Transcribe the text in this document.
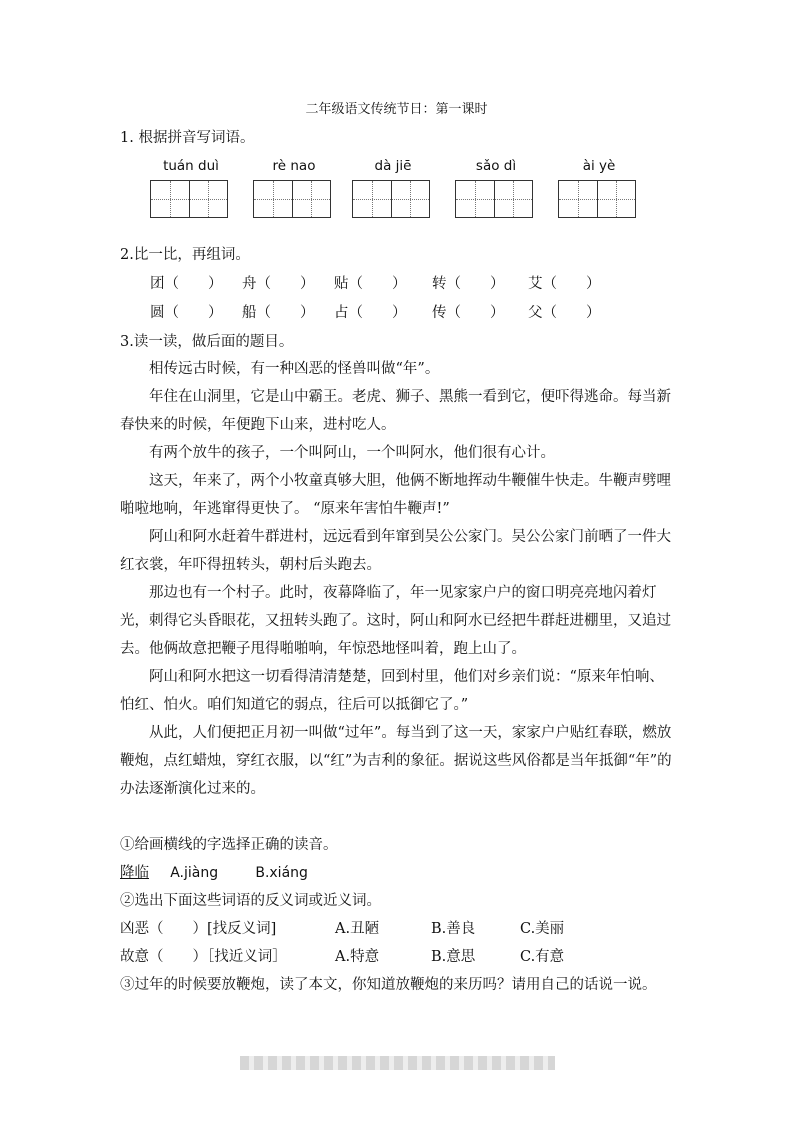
二年级语文传统节日：第一课时
1. 根据拼音写词语。
tuán duì	rè nao	dà jiē	sǎo dì	ài yè
2.比一比，再组词。
团（　　） 舟（　　） 贴（　　） 转（　　） 艾（　　）
圆（　　） 船（　　） 占（　　） 传（　　） 父（　　）
3.读一读，做后面的题目。

相传远古时候，有一种凶恶的怪兽叫做“年”。

年住在山洞里，它是山中霸王。老虎、狮子、黑熊一看到它，便吓得逃命。每当新春快来的时候，年便跑下山来，进村吃人。

有两个放牛的孩子，一个叫阿山，一个叫阿水，他们很有心计。

这天，年来了，两个小牧童真够大胆，他俩不断地挥动牛鞭催牛快走。牛鞭声劈哩啪啦地响，年逃窜得更快了。 “原来年害怕牛鞭声!”

阿山和阿水赶着牛群进村，远远看到年窜到吴公公家门。吴公公家门前晒了一件大红衣裳，年吓得扭转头，朝村后头跑去。

那边也有一个村子。此时，夜幕降临了，年一见家家户户的窗口明亮亮地闪着灯光，刺得它头昏眼花，又扭转头跑了。这时，阿山和阿水已经把牛群赶进棚里，又追过去。他俩故意把鞭子甩得啪啪响，年惊恐地怪叫着，跑上山了。

阿山和阿水把这一切看得清清楚楚，回到村里，他们对乡亲们说：“原来年怕响、怕红、怕火。咱们知道它的弱点，往后可以抵御它了。”

从此，人们便把正月初一叫做“过年”。每当到了这一天，家家户户贴红春联，燃放鞭炮，点红蜡烛，穿红衣服，以“红”为吉利的象征。据说这些风俗都是当年抵御“年”的办法逐渐演化过来的。

①给画横线的字选择正确的读音。

降临 A.jiàng	B.xiáng

②选出下面这些词语的反义词或近义词。

凶恶（　　）[找反义词]	A.丑陋	B.善良	C.美丽

故意（　　）［找近义词］	A.特意	B.意思	C.有意

③过年的时候要放鞭炮，读了本文，你知道放鞭炮的来历吗？请用自己的话说一说。
